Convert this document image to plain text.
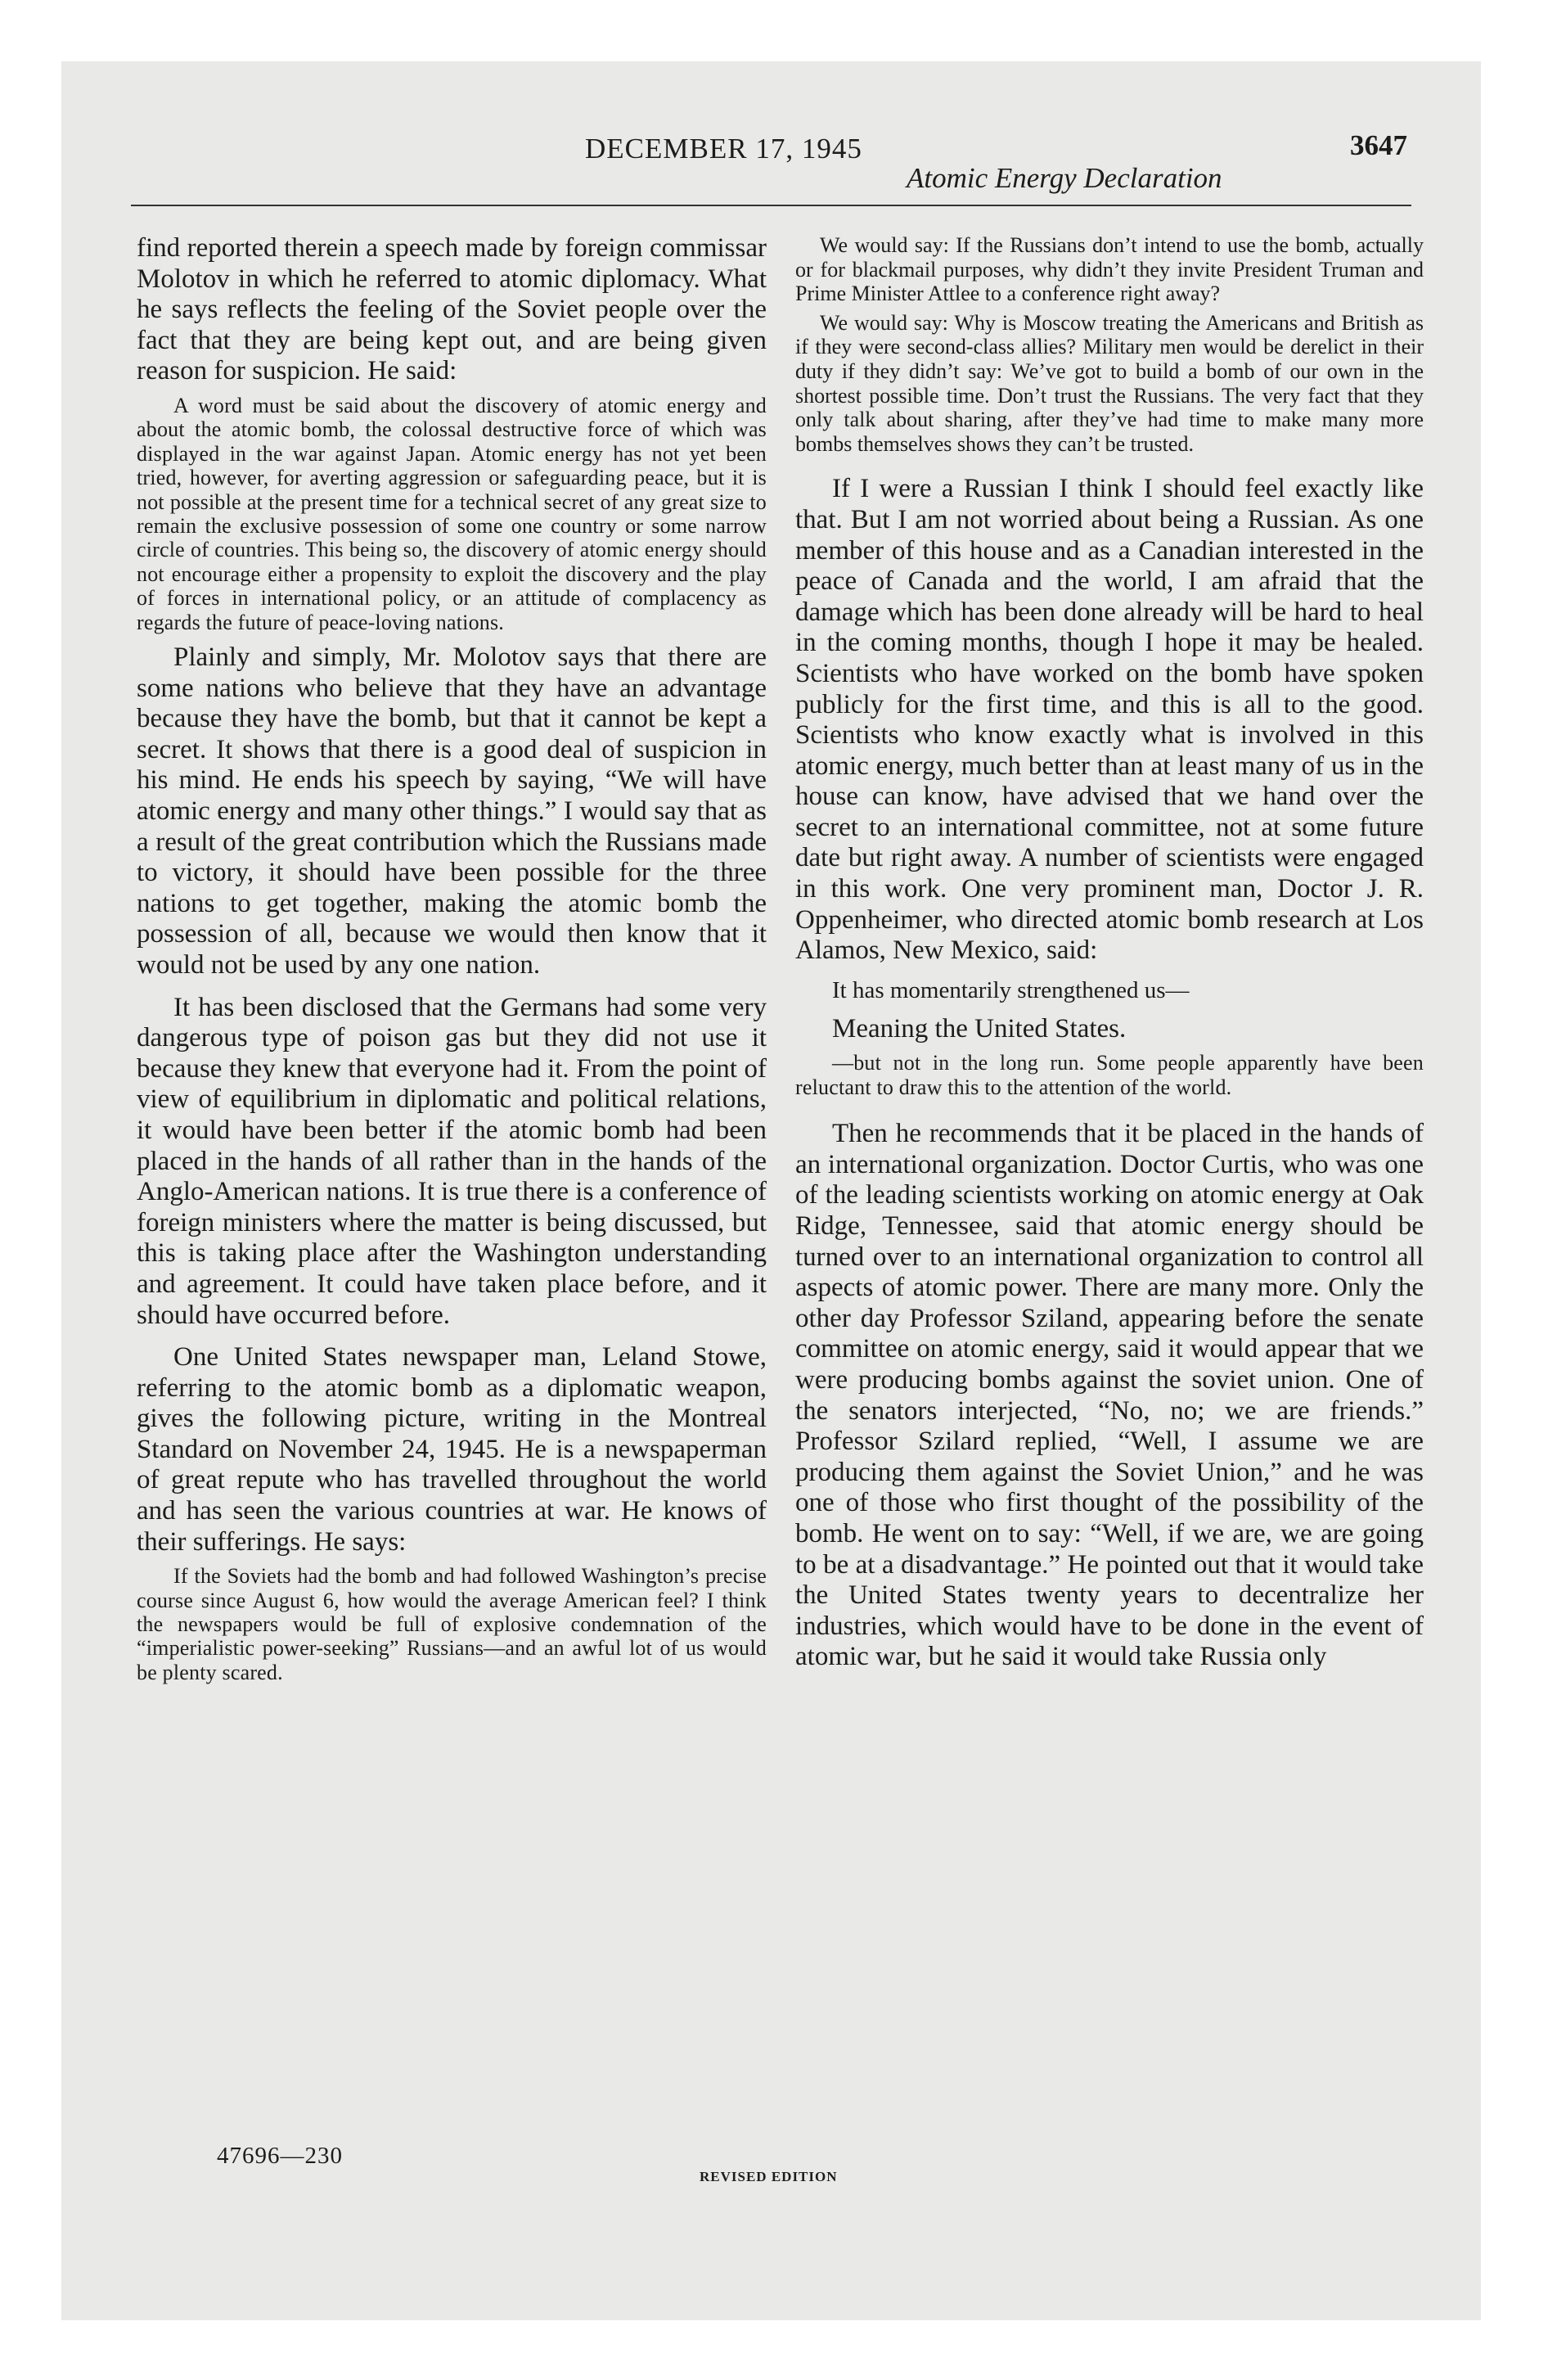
DECEMBER 17, 1945	3647
Atomic Energy Declaration

find reported therein a speech made by foreign commissar Molotov in which he referred to atomic diplomacy. What he says reflects the feeling of the Soviet people over the fact that they are being kept out, and are being given reason for suspicion. He said:

A word must be said about the discovery of atomic energy and about the atomic bomb, the colossal destructive force of which was displayed in the war against Japan. Atomic energy has not yet been tried, however, for averting aggression or safeguarding peace, but it is not possible at the present time for a technical secret of any great size to remain the exclusive possession of some one country or some narrow circle of countries. This being so, the discovery of atomic energy should not encourage either a propensity to exploit the discovery and the play of forces in international policy, or an attitude of complacency as regards the future of peace-loving nations.

Plainly and simply, Mr. Molotov says that there are some nations who believe that they have an advantage because they have the bomb, but that it cannot be kept a secret. It shows that there is a good deal of suspicion in his mind. He ends his speech by saying, “We will have atomic energy and many other things.” I would say that as a result of the great contribution which the Russians made to victory, it should have been possible for the three nations to get together, making the atomic bomb the possession of all, because we would then know that it would not be used by any one nation.

It has been disclosed that the Germans had some very dangerous type of poison gas but they did not use it because they knew that everyone had it. From the point of view of equilibrium in diplomatic and political relations, it would have been better if the atomic bomb had been placed in the hands of all rather than in the hands of the Anglo-American nations. It is true there is a conference of foreign ministers where the matter is being discussed, but this is taking place after the Washington understanding and agreement. It could have taken place before, and it should have occurred before.

One United States newspaper man, Leland Stowe, referring to the atomic bomb as a diplomatic weapon, gives the following picture, writing in the Montreal Standard on November 24, 1945. He is a newspaperman of great repute who has travelled throughout the world and has seen the various countries at war. He knows of their sufferings. He says:

If the Soviets had the bomb and had followed Washington’s precise course since August 6, how would the average American feel? I think the newspapers would be full of explosive condemnation of the “imperialistic power-seeking” Russians—and an awful lot of us would be plenty scared.

We would say: If the Russians don’t intend to use the bomb, actually or for blackmail purposes, why didn’t they invite President Truman and Prime Minister Attlee to a conference right away?

We would say: Why is Moscow treating the Americans and British as if they were second-class allies? Military men would be derelict in their duty if they didn’t say: We’ve got to build a bomb of our own in the shortest possible time. Don’t trust the Russians. The very fact that they only talk about sharing, after they’ve had time to make many more bombs themselves shows they can’t be trusted.

If I were a Russian I think I should feel exactly like that. But I am not worried about being a Russian. As one member of this house and as a Canadian interested in the peace of Canada and the world, I am afraid that the damage which has been done already will be hard to heal in the coming months, though I hope it may be healed. Scientists who have worked on the bomb have spoken publicly for the first time, and this is all to the good. Scientists who know exactly what is involved in this atomic energy, much better than at least many of us in the house can know, have advised that we hand over the secret to an international committee, not at some future date but right away. A number of scientists were engaged in this work. One very prominent man, Doctor J. R. Oppenheimer, who directed atomic bomb research at Los Alamos, New Mexico, said:

It has momentarily strengthened us—

Meaning the United States.

—but not in the long run. Some people apparently have been reluctant to draw this to the attention of the world.

Then he recommends that it be placed in the hands of an international organization. Doctor Curtis, who was one of the leading scientists working on atomic energy at Oak Ridge, Tennessee, said that atomic energy should be turned over to an international organization to control all aspects of atomic power. There are many more. Only the other day Professor Sziland, appearing before the senate committee on atomic energy, said it would appear that we were producing bombs against the soviet union. One of the senators interjected, “No, no; we are friends.” Professor Szilard replied, “Well, I assume we are producing them against the Soviet Union,” and he was one of those who first thought of the possibility of the bomb. He went on to say: “Well, if we are, we are going to be at a disadvantage.” He pointed out that it would take the United States twenty years to decentralize her industries, which would have to be done in the event of atomic war, but he said it would take Russia only

47696—230
REVISED EDITION
